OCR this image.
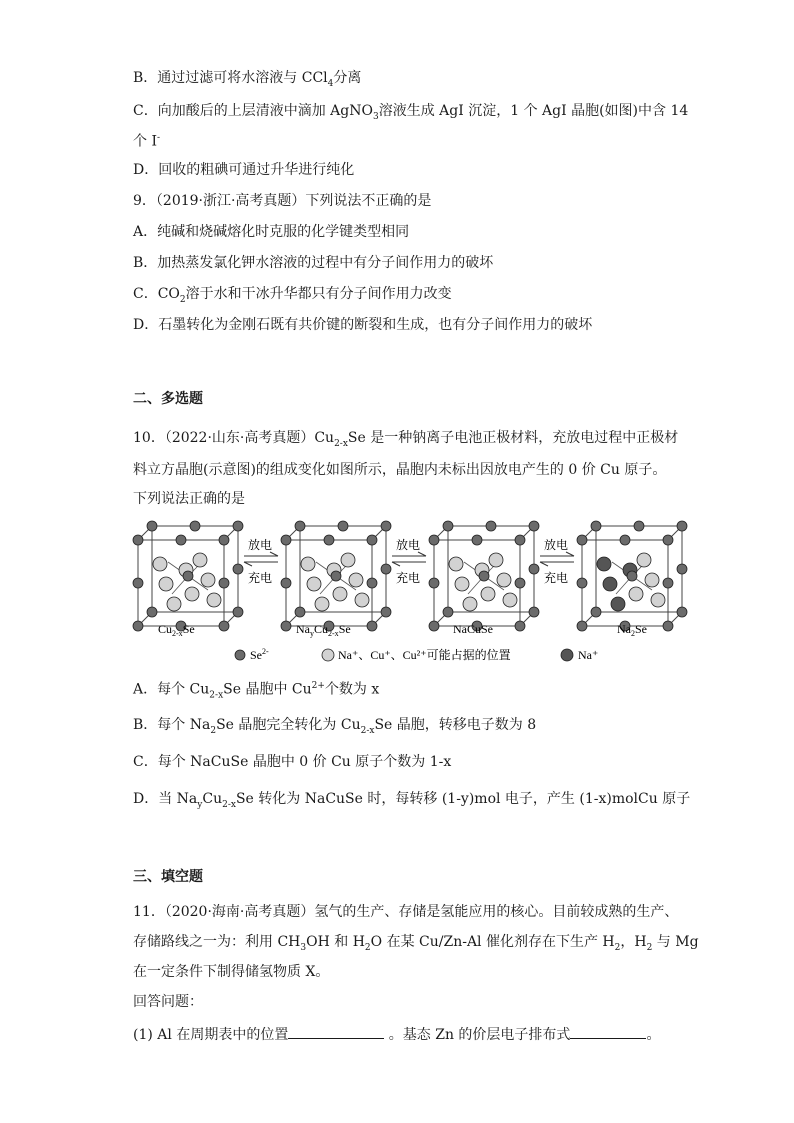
B．通过过滤可将水溶液与 CCl$_4$分离
C．向加酸后的上层清液中滴加 AgNO$_3$溶液生成 AgI 沉淀，1 个 AgI 晶胞(如图)中含 14
个 I-
D．回收的粗碘可通过升华进行纯化
9．（2019·浙江·高考真题）下列说法不正确的是
A．纯碱和烧碱熔化时克服的化学键类型相同
B．加热蒸发氯化钾水溶液的过程中有分子间作用力的破坏
C．$CO_2$溶于水和干冰升华都只有分子间作用力改变
D．石墨转化为金刚石既有共价键的断裂和生成，也有分子间作用力的破坏
二、多选题
10．（2022·山东·高考真题）$Cu_{2-x}Se$ 是一种钠离子电池正极材料，充放电过程中正极材
料立方晶胞(示意图)的组成变化如图所示，晶胞内未标出因放电产生的 0 价 Cu 原子。
下列说法正确的是
放电
充电
放电
充电
放电
充电
$Cu_{2-x}Se$	$Na_yCu_{2-x}Se$	NaCuSe	$Na_2Se$
$Se^{2-}$	Na⁺、Cu⁺、Cu²⁺可能占据的位置	Na⁺
A．每个 $Cu_{2-x}Se$ 晶胞中 $Cu^{2+}$个数为 x
B．每个 $Na_2Se$ 晶胞完全转化为 $Cu_{2-x}Se$ 晶胞，转移电子数为 8
C．每个 NaCuSe 晶胞中 0 价 Cu 原子个数为 1-x
D．当 $Na_yCu_{2-x}Se$ 转化为 NaCuSe 时，每转移 (1-y)mol 电子，产生 (1-x)molCu 原子
三、填空题
11．（2020·海南·高考真题）氢气的生产、存储是氢能应用的核心。目前较成熟的生产、
存储路线之一为：利用 $CH_3OH$ 和 $H_2O$ 在某 Cu/Zn-Al 催化剂存在下生产 $H_2$，$H_2$ 与 Mg
在一定条件下制得储氢物质 X。
回答问题：
(1) Al 在周期表中的位置	。基态 Zn 的价层电子排布式	。
